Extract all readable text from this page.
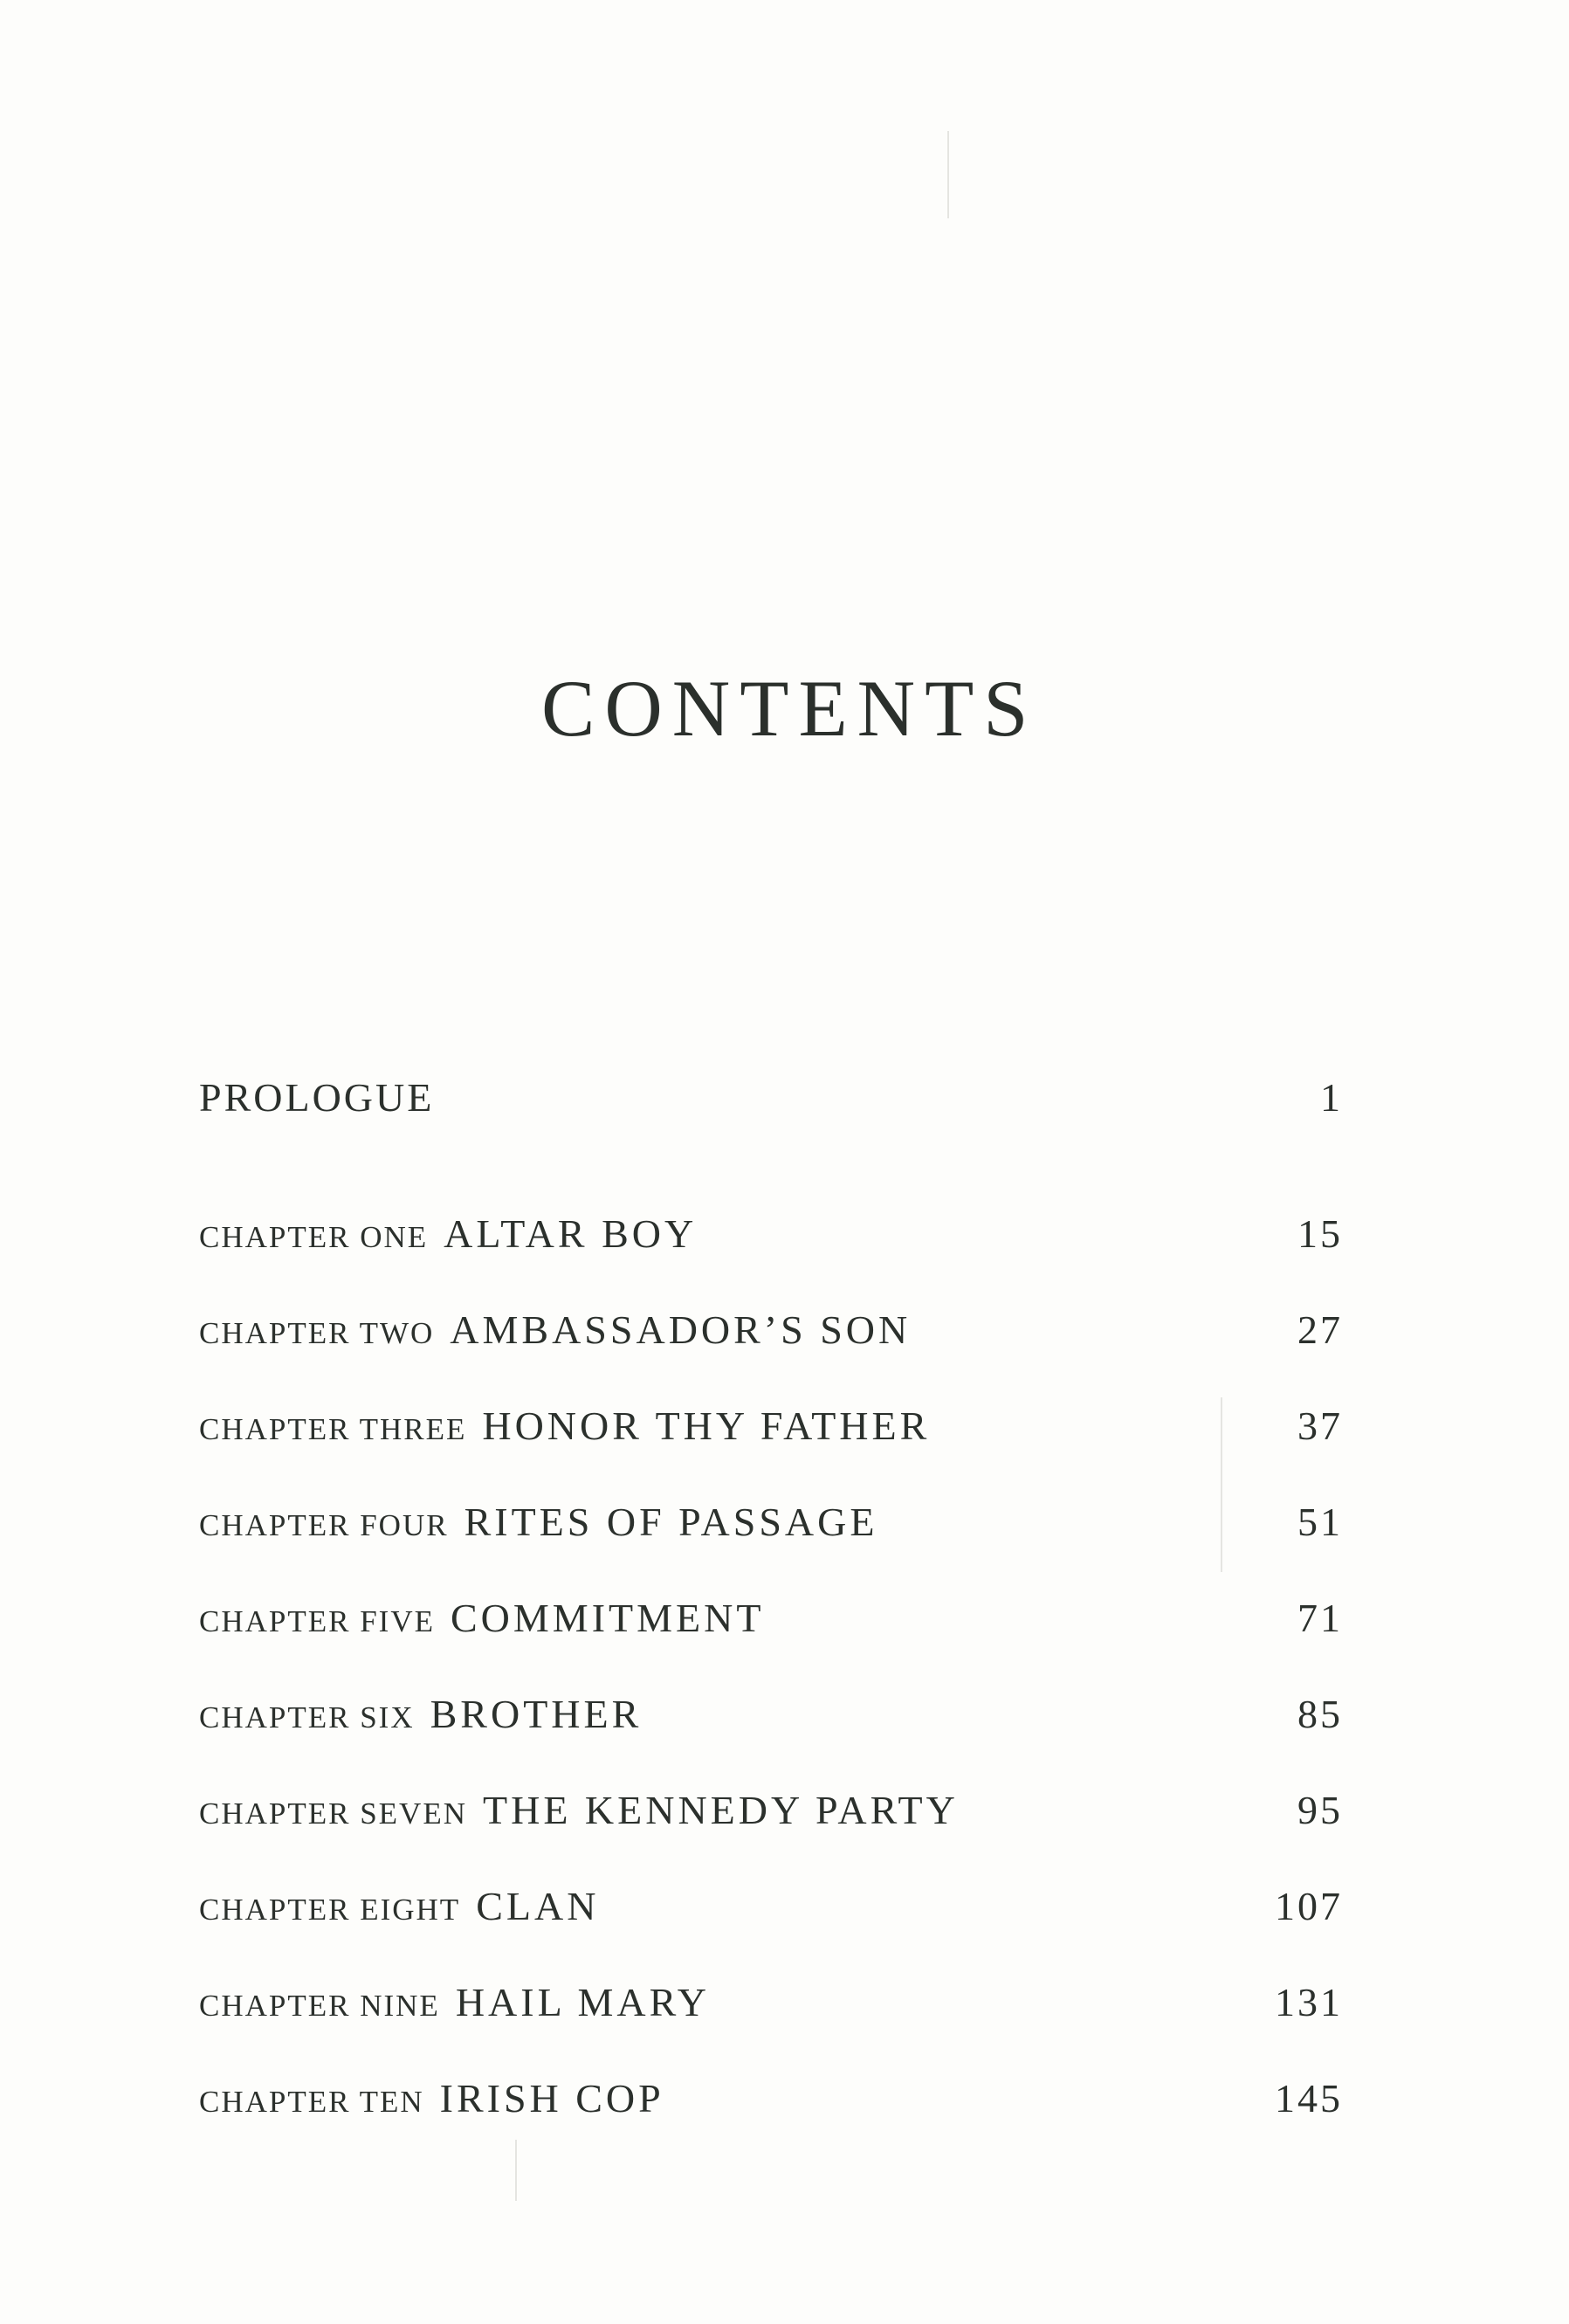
CONTENTS
PROLOGUE	1
CHAPTER ONE ALTAR BOY	15
CHAPTER TWO AMBASSADOR’S SON	27
CHAPTER THREE HONOR THY FATHER	37
CHAPTER FOUR RITES OF PASSAGE	51
CHAPTER FIVE COMMITMENT	71
CHAPTER SIX BROTHER	85
CHAPTER SEVEN THE KENNEDY PARTY	95
CHAPTER EIGHT CLAN	107
CHAPTER NINE HAIL MARY	131
CHAPTER TEN IRISH COP	145
